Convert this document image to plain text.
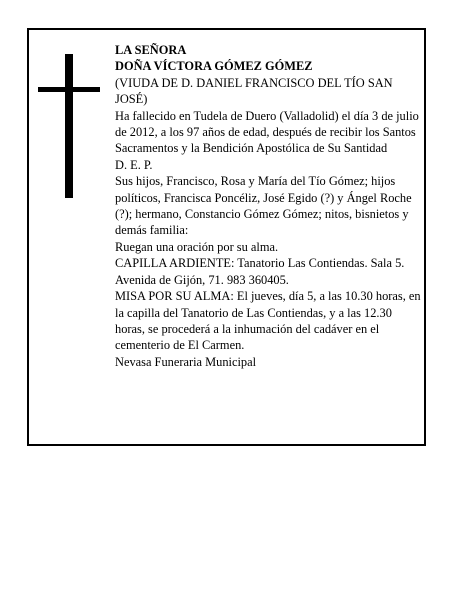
LA SEÑORA

DOÑA VÍCTORA GÓMEZ GÓMEZ

(VIUDA DE D. DANIEL FRANCISCO DEL TÍO SAN JOSÉ)

Ha fallecido en Tudela de Duero (Valladolid) el día 3 de julio de 2012, a los 97 años de edad, después de recibir los Santos Sacramentos y la Bendición Apostólica de Su Santidad

D. E. P.

Sus hijos, Francisco, Rosa y María del Tío Gómez; hijos políticos, Francisca Poncéliz, José Egido (?) y Ángel Roche (?); hermano, Constancio Gómez Gómez; nitos, bisnietos y demás familia:

Ruegan una oración por su alma.

CAPILLA ARDIENTE: Tanatorio Las Contiendas. Sala 5. Avenida de Gijón, 71. 983 360405.

MISA POR SU ALMA: El jueves, día 5, a las 10.30 horas, en la capilla del Tanatorio de Las Contiendas, y a las 12.30 horas, se procederá a la inhumación del cadáver en el cementerio de El Carmen.

Nevasa Funeraria Municipal
